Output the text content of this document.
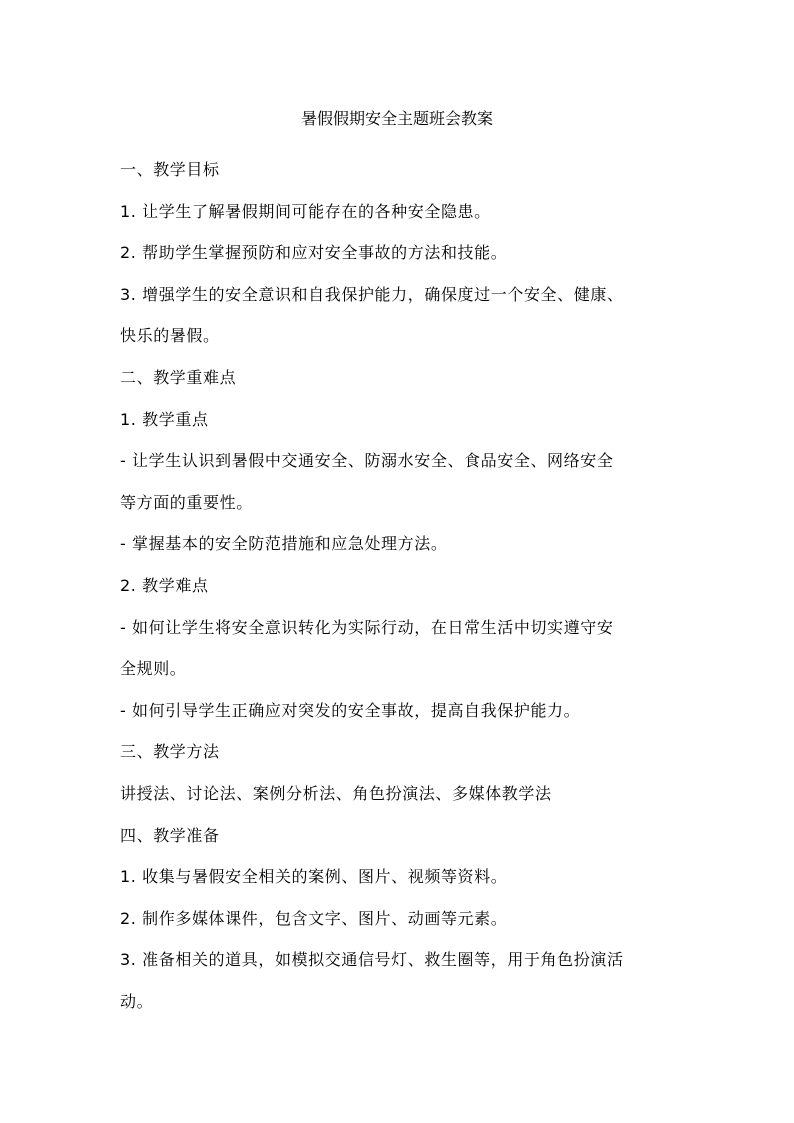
暑假假期安全主题班会教案
一、教学目标
1. 让学生了解暑假期间可能存在的各种安全隐患。
2. 帮助学生掌握预防和应对安全事故的方法和技能。
3. 增强学生的安全意识和自我保护能力，确保度过一个安全、健康、
快乐的暑假。
二、教学重难点
1. 教学重点
- 让学生认识到暑假中交通安全、防溺水安全、食品安全、网络安全
等方面的重要性。
- 掌握基本的安全防范措施和应急处理方法。
2. 教学难点
- 如何让学生将安全意识转化为实际行动，在日常生活中切实遵守安
全规则。
- 如何引导学生正确应对突发的安全事故，提高自我保护能力。
三、教学方法
讲授法、讨论法、案例分析法、角色扮演法、多媒体教学法
四、教学准备
1. 收集与暑假安全相关的案例、图片、视频等资料。
2. 制作多媒体课件，包含文字、图片、动画等元素。
3. 准备相关的道具，如模拟交通信号灯、救生圈等，用于角色扮演活
动。
